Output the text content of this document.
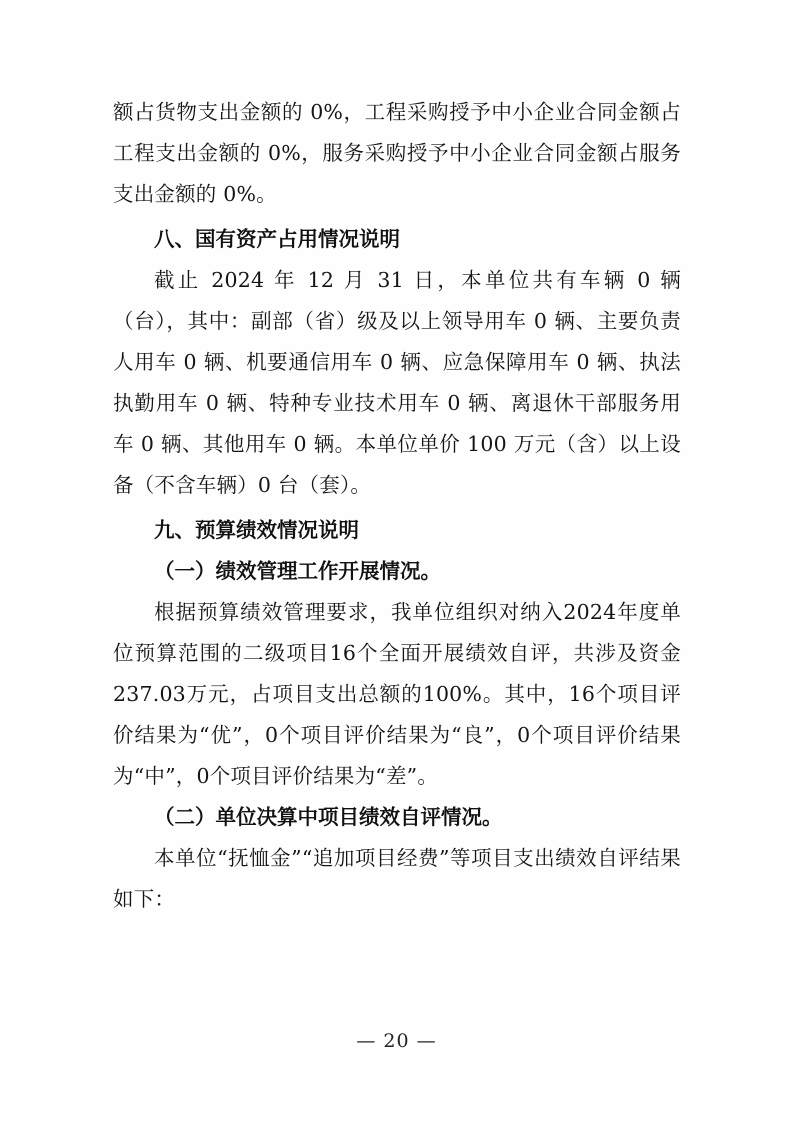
额占货物支出金额的 0%，工程采购授予中小企业合同金额占工程支出金额的 0%，服务采购授予中小企业合同金额占服务支出金额的 0%。

八、国有资产占用情况说明

截止 2024 年 12 月 31 日，本单位共有车辆 0 辆（台），其中：副部（省）级及以上领导用车 0 辆、主要负责人用车 0 辆、机要通信用车 0 辆、应急保障用车 0 辆、执法执勤用车 0 辆、特种专业技术用车 0 辆、离退休干部服务用车 0 辆、其他用车 0 辆。本单位单价 100 万元（含）以上设备（不含车辆）0 台（套）。

九、预算绩效情况说明

（一）绩效管理工作开展情况。

根据预算绩效管理要求，我单位组织对纳入2024年度单位预算范围的二级项目16个全面开展绩效自评，共涉及资金237.03万元，占项目支出总额的100%。其中，16个项目评价结果为“优”，0个项目评价结果为“良”，0个项目评价结果为“中”，0个项目评价结果为“差”。

（二）单位决算中项目绩效自评情况。

本单位“抚恤金”“追加项目经费”等项目支出绩效自评结果如下：

— 20 —
